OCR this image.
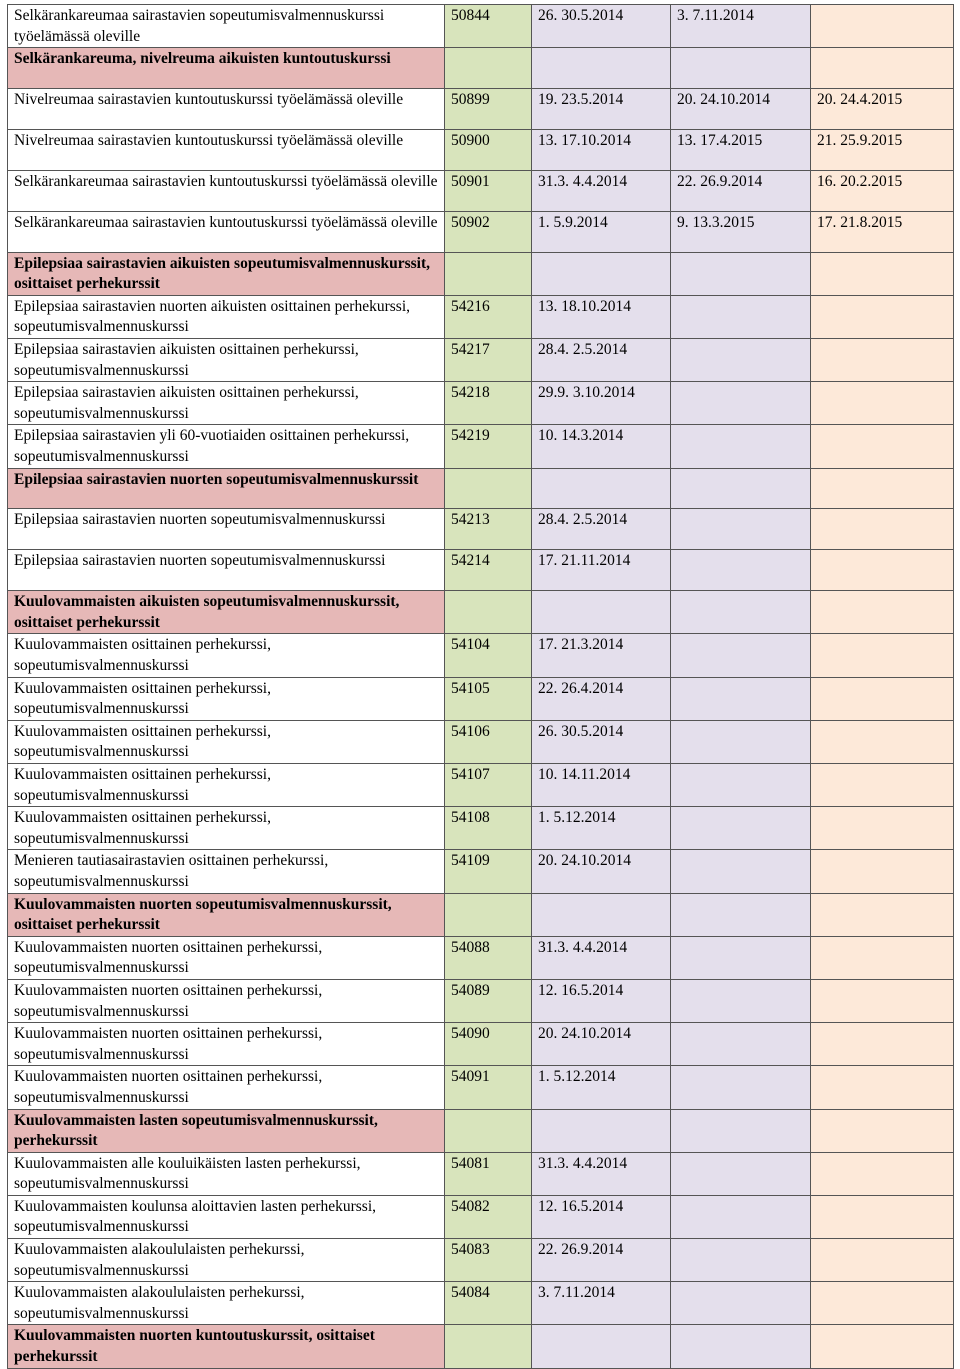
Selkärankareumaa sairastavien sopeutumisvalmennuskurssi työelämässä oleville	50844	26. 30.5.2014	3. 7.11.2014	
Selkärankareuma, nivelreuma aikuisten kuntoutuskurssi				
Nivelreumaa sairastavien kuntoutuskurssi työelämässä oleville	50899	19. 23.5.2014	20. 24.10.2014	20. 24.4.2015
Nivelreumaa sairastavien kuntoutuskurssi työelämässä oleville	50900	13. 17.10.2014	13. 17.4.2015	21. 25.9.2015
Selkärankareumaa sairastavien kuntoutuskurssi työelämässä oleville	50901	31.3. 4.4.2014	22. 26.9.2014	16. 20.2.2015
Selkärankareumaa sairastavien kuntoutuskurssi työelämässä oleville	50902	1. 5.9.2014	9. 13.3.2015	17. 21.8.2015
Epilepsiaa sairastavien aikuisten sopeutumisvalmennuskurssit, osittaiset perhekurssit				
Epilepsiaa sairastavien nuorten aikuisten osittainen perhekurssi, sopeutumisvalmennuskurssi	54216	13. 18.10.2014		
Epilepsiaa sairastavien aikuisten osittainen perhekurssi, sopeutumisvalmennuskurssi	54217	28.4. 2.5.2014		
Epilepsiaa sairastavien aikuisten osittainen perhekurssi, sopeutumisvalmennuskurssi	54218	29.9. 3.10.2014		
Epilepsiaa sairastavien yli 60-vuotiaiden osittainen perhekurssi, sopeutumisvalmennuskurssi	54219	10. 14.3.2014		
Epilepsiaa sairastavien nuorten sopeutumisvalmennuskurssit				
Epilepsiaa sairastavien nuorten sopeutumisvalmennuskurssi	54213	28.4. 2.5.2014		
Epilepsiaa sairastavien nuorten sopeutumisvalmennuskurssi	54214	17. 21.11.2014		
Kuulovammaisten aikuisten sopeutumisvalmennuskurssit, osittaiset perhekurssit				
Kuulovammaisten osittainen perhekurssi, sopeutumisvalmennuskurssi	54104	17. 21.3.2014		
Kuulovammaisten osittainen perhekurssi, sopeutumisvalmennuskurssi	54105	22. 26.4.2014		
Kuulovammaisten osittainen perhekurssi, sopeutumisvalmennuskurssi	54106	26. 30.5.2014		
Kuulovammaisten osittainen perhekurssi, sopeutumisvalmennuskurssi	54107	10. 14.11.2014		
Kuulovammaisten osittainen perhekurssi, sopeutumisvalmennuskurssi	54108	1. 5.12.2014		
Menieren tautiasairastavien osittainen perhekurssi, sopeutumisvalmennuskurssi	54109	20. 24.10.2014		
Kuulovammaisten nuorten sopeutumisvalmennuskurssit, osittaiset perhekurssit				
Kuulovammaisten nuorten osittainen perhekurssi, sopeutumisvalmennuskurssi	54088	31.3. 4.4.2014		
Kuulovammaisten nuorten osittainen perhekurssi, sopeutumisvalmennuskurssi	54089	12. 16.5.2014		
Kuulovammaisten nuorten osittainen perhekurssi, sopeutumisvalmennuskurssi	54090	20. 24.10.2014		
Kuulovammaisten nuorten osittainen perhekurssi, sopeutumisvalmennuskurssi	54091	1. 5.12.2014		
Kuulovammaisten lasten sopeutumisvalmennuskurssit, perhekurssit				
Kuulovammaisten alle kouluikäisten lasten perhekurssi, sopeutumisvalmennuskurssi	54081	31.3. 4.4.2014		
Kuulovammaisten koulunsa aloittavien lasten perhekurssi, sopeutumisvalmennuskurssi	54082	12. 16.5.2014		
Kuulovammaisten alakoululaisten perhekurssi, sopeutumisvalmennuskurssi	54083	22. 26.9.2014		
Kuulovammaisten alakoululaisten perhekurssi, sopeutumisvalmennuskurssi	54084	3. 7.11.2014		
Kuulovammaisten nuorten kuntoutuskurssit, osittaiset perhekurssit				
